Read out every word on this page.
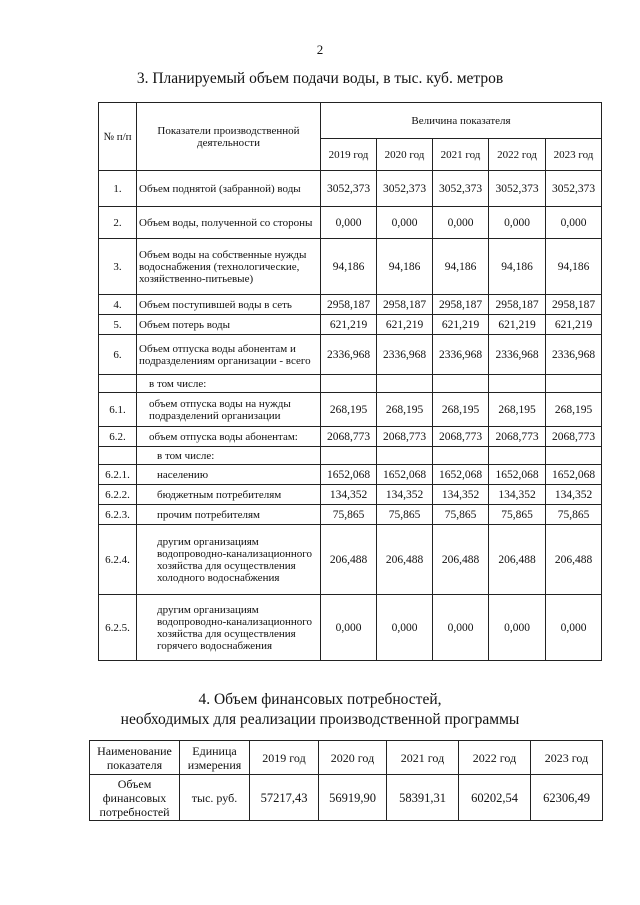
2
3. Планируемый объем подачи воды, в тыс. куб. метров
№ п/п	Показатели производственной деятельности	Величина показателя				
		2019 год	2020 год	2021 год	2022 год	2023 год
1.	Объем поднятой (забранной) воды	3052,373	3052,373	3052,373	3052,373	3052,373
2.	Объем воды, полученной со стороны	0,000	0,000	0,000	0,000	0,000
3.	Объем воды на собственные нужды водоснабжения (технологические, хозяйственно-питьевые)	94,186	94,186	94,186	94,186	94,186
4.	Объем поступившей воды в сеть	2958,187	2958,187	2958,187	2958,187	2958,187
5.	Объем потерь воды	621,219	621,219	621,219	621,219	621,219
6.	Объем отпуска воды абонентам и подразделениям организации - всего	2336,968	2336,968	2336,968	2336,968	2336,968
	в том числе:					
6.1.	объем отпуска воды на нужды подразделений организации	268,195	268,195	268,195	268,195	268,195
6.2.	объем отпуска воды абонентам:	2068,773	2068,773	2068,773	2068,773	2068,773
	в том числе:					
6.2.1.	населению	1652,068	1652,068	1652,068	1652,068	1652,068
6.2.2.	бюджетным потребителям	134,352	134,352	134,352	134,352	134,352
6.2.3.	прочим потребителям	75,865	75,865	75,865	75,865	75,865
6.2.4.	другим организациям водопроводно-канализационного хозяйства для осуществления холодного водоснабжения	206,488	206,488	206,488	206,488	206,488
6.2.5.	другим организациям водопроводно-канализационного хозяйства для осуществления горячего водоснабжения	0,000	0,000	0,000	0,000	0,000
4. Объем финансовых потребностей,
необходимых для реализации производственной программы
Наименование показателя	Единица измерения	2019 год	2020 год	2021 год	2022 год	2023 год
Объем финансовых потребностей	тыс. руб.	57217,43	56919,90	58391,31	60202,54	62306,49
